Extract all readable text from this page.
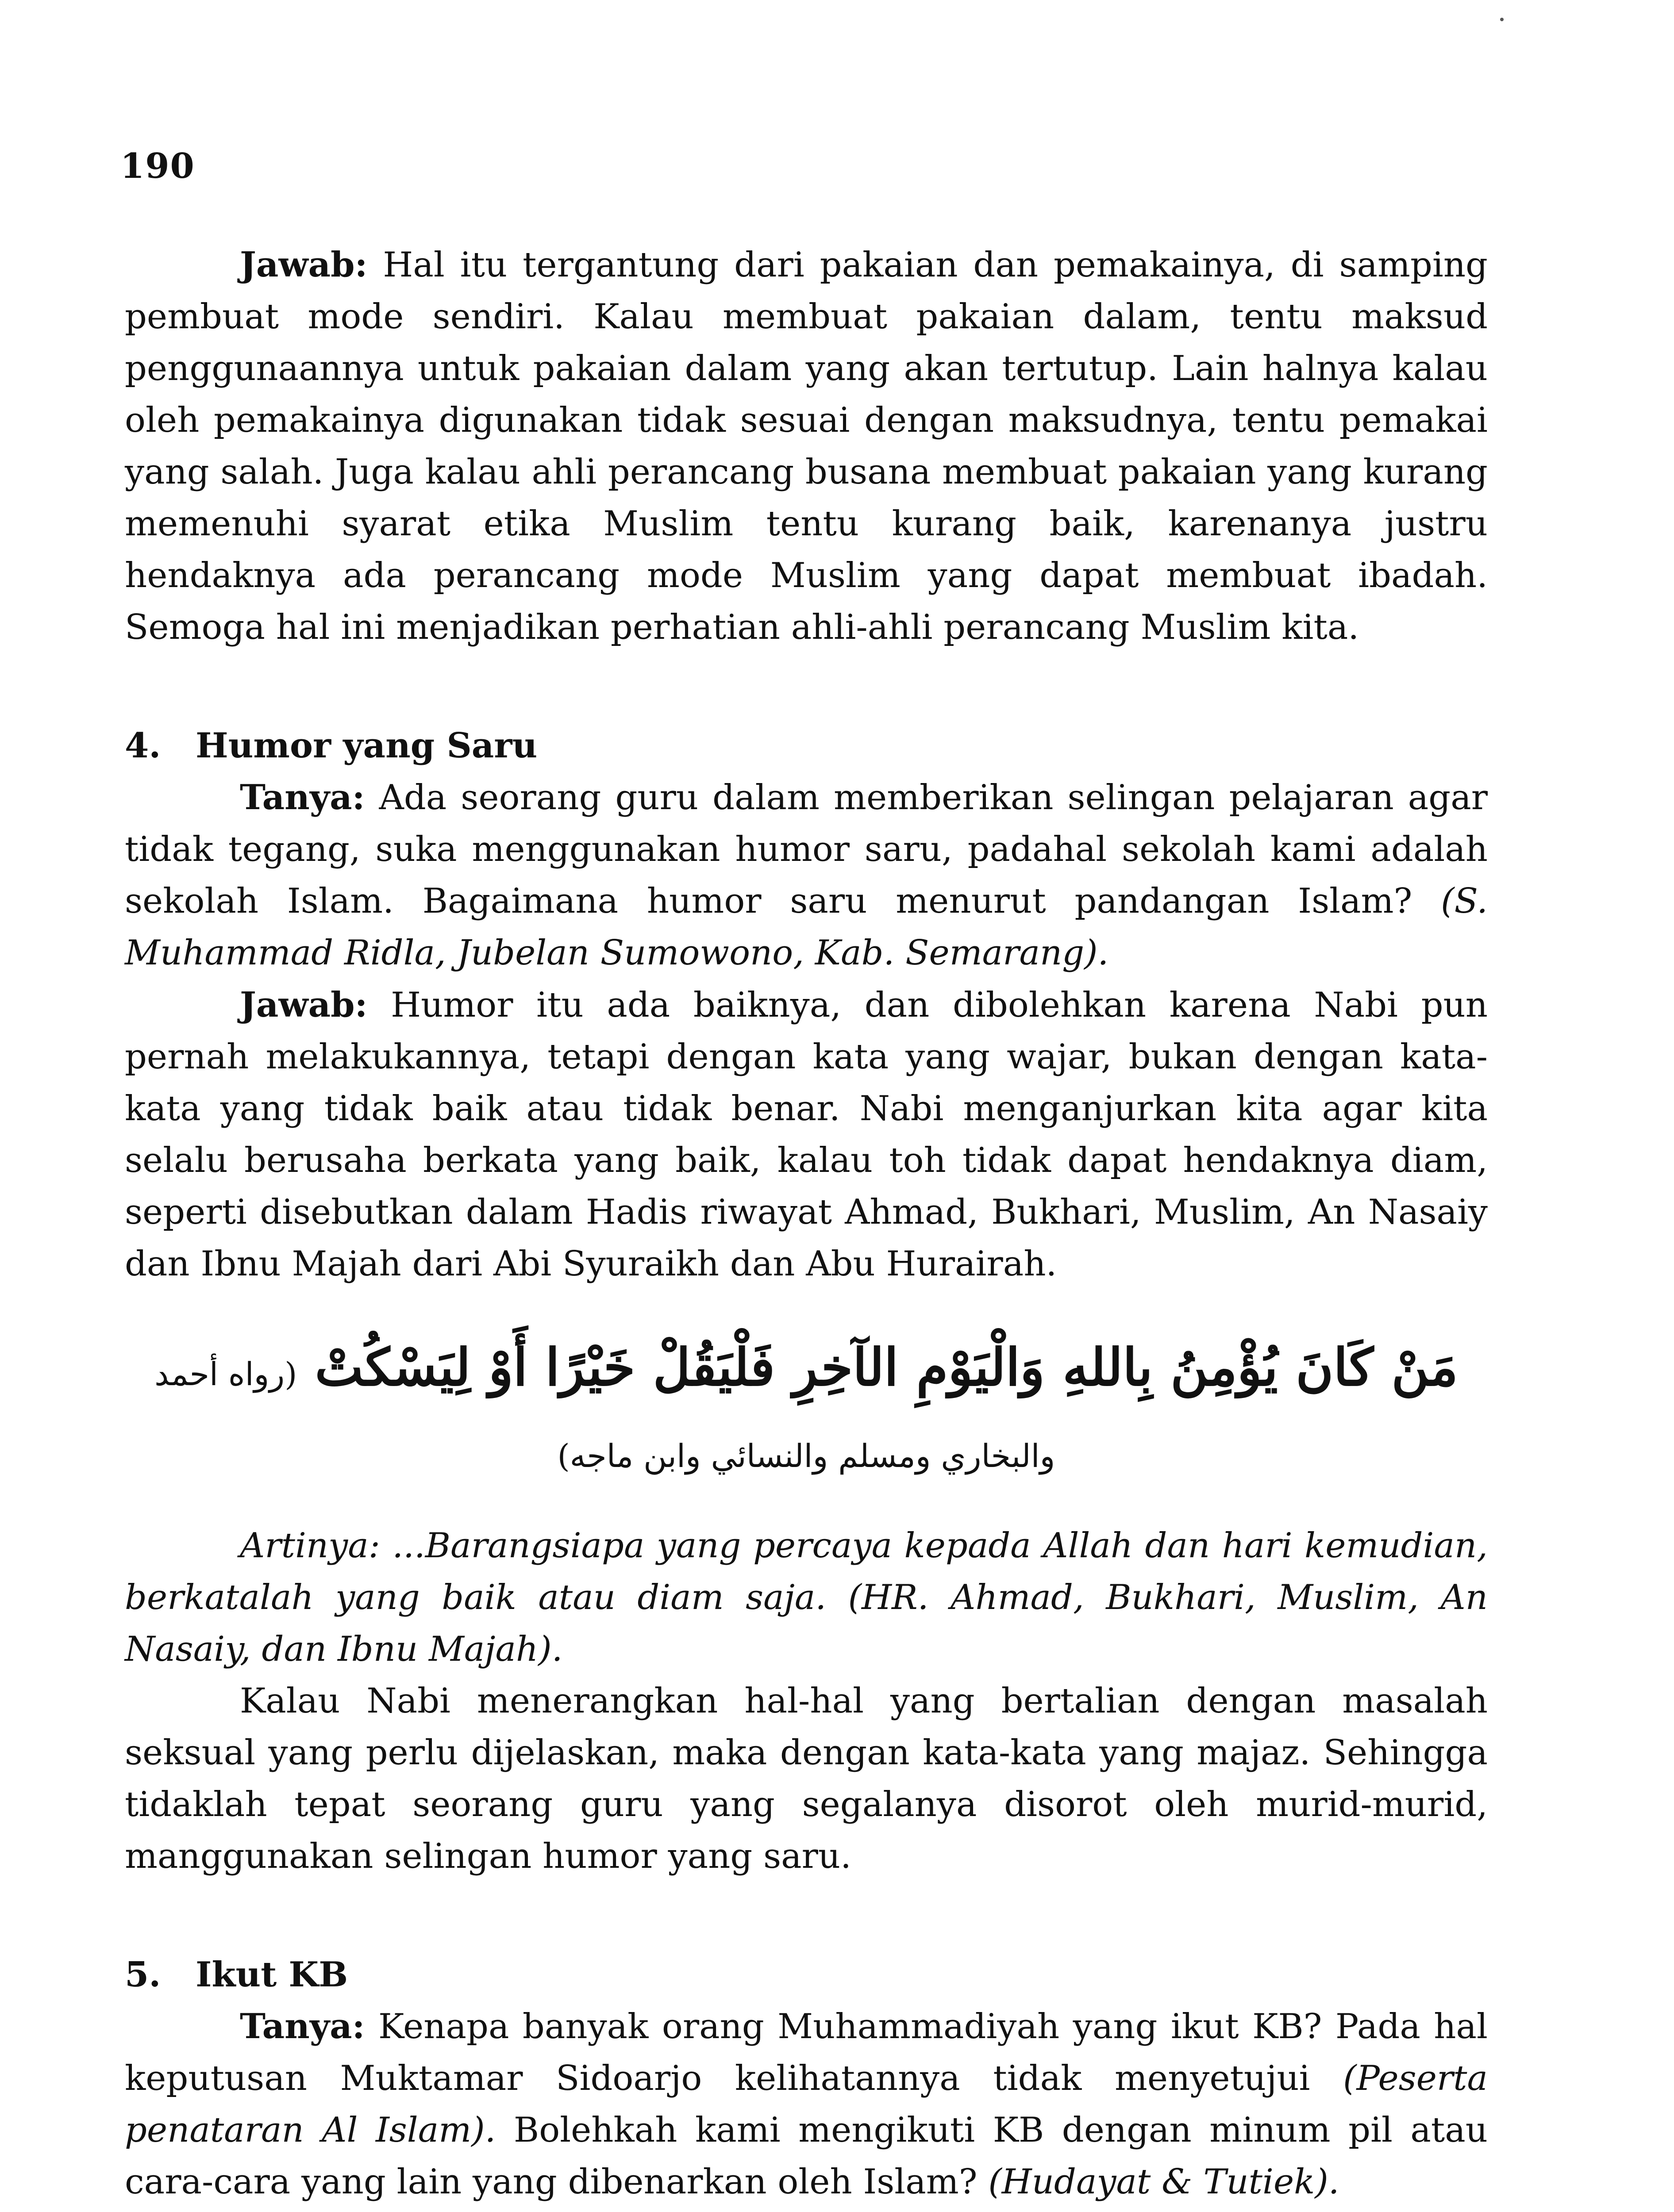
190

Jawab: Hal itu tergantung dari pakaian dan pemakainya, di samping pembuat mode sendiri. Kalau membuat pakaian dalam, tentu maksud penggunaannya untuk pakaian dalam yang akan tertutup. Lain halnya kalau oleh pemakainya digunakan tidak sesuai dengan maksudnya, tentu pemakai yang salah. Juga kalau ahli perancang busana membuat pakaian yang kurang memenuhi syarat etika Muslim tentu kurang baik, karenanya justru hendaknya ada perancang mode Muslim yang dapat membuat ibadah. Semoga hal ini menjadikan perhatian ahli-ahli perancang Muslim kita.

4.	Humor yang Saru

Tanya: Ada seorang guru dalam memberikan selingan pelajaran agar tidak tegang, suka menggunakan humor saru, padahal sekolah kami adalah sekolah Islam. Bagaimana humor saru menurut pandangan Islam? (S. Muhammad Ridla, Jubelan Sumowono, Kab. Semarang).

Jawab: Humor itu ada baiknya, dan dibolehkan karena Nabi pun pernah melakukannya, tetapi dengan kata yang wajar, bukan dengan kata-kata yang tidak baik atau tidak benar. Nabi menganjurkan kita agar kita selalu berusaha berkata yang baik, kalau toh tidak dapat hendaknya diam, seperti disebutkan dalam Hadis riwayat Ahmad, Bukhari, Muslim, An Nasaiy dan Ibnu Majah dari Abi Syuraikh dan Abu Hurairah.

مَنْ كَانَ يُؤْمِنُ بِاللهِ وَالْيَوْمِ الآخِرِ فَلْيَقُلْ خَيْرًا أَوْ لِيَسْكُتْ (رواه أحمد والبخاري ومسلم والنسائي وابن ماجه)

Artinya: ...Barangsiapa yang percaya kepada Allah dan hari kemudian, berkatalah yang baik atau diam saja. (HR. Ahmad, Bukhari, Muslim, An Nasaiy, dan Ibnu Majah).

Kalau Nabi menerangkan hal-hal yang bertalian dengan masalah seksual yang perlu dijelaskan, maka dengan kata-kata yang majaz. Sehingga tidaklah tepat seorang guru yang segalanya disorot oleh murid-murid, manggunakan selingan humor yang saru.

5.	Ikut KB

Tanya: Kenapa banyak orang Muhammadiyah yang ikut KB? Pada hal keputusan Muktamar Sidoarjo kelihatannya tidak menyetujui (Peserta penataran Al Islam). Bolehkah kami mengikuti KB dengan minum pil atau cara-cara yang lain yang dibenarkan oleh Islam? (Hudayat & Tutiek).
